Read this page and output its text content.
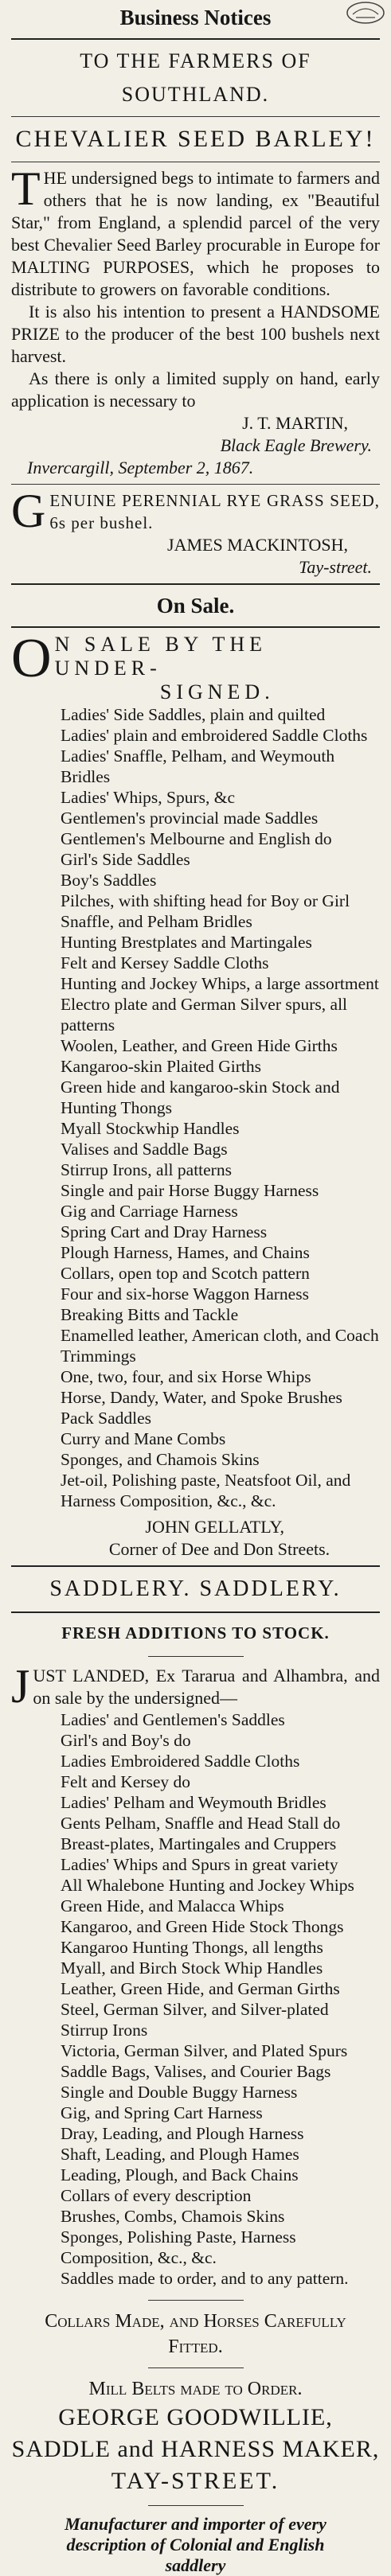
Business Notices
TO THE FARMERS OF SOUTHLAND.
CHEVALIER SEED BARLEY!

THE undersigned begs to intimate to farmers and others that he is now landing, ex "Beautiful Star," from England, a splendid parcel of the very best Chevalier Seed Barley procurable in Europe for MALTING PURPOSES, which he proposes to distribute to growers on favorable conditions.

It is also his intention to present a HANDSOME PRIZE to the producer of the best 100 bushels next harvest.

As there is only a limited supply on hand, early application is necessary to

J. T. MARTIN,
Black Eagle Brewery.
Invercargill, September 2, 1867.

GENUINE PERENNIAL RYE GRASS SEED, 6s per bushel.

JAMES MACKINTOSH,
Tay-street.
On Sale.
O N SALE BY THE UNDER-
SIGNED.
Ladies' Side Saddles, plain and quilted
Ladies' plain and embroidered Saddle Cloths
Ladies' Snaffle, Pelham, and Weymouth Bridles
Ladies' Whips, Spurs, &c
Gentlemen's provincial made Saddles
Gentlemen's Melbourne and English do
Girl's Side Saddles
Boy's Saddles
Pilches, with shifting head for Boy or Girl
Snaffle, and Pelham Bridles
Hunting Brestplates and Martingales
Felt and Kersey Saddle Cloths
Hunting and Jockey Whips, a large assortment
Electro plate and German Silver spurs, all patterns
Woolen, Leather, and Green Hide Girths
Kangaroo-skin Plaited Girths
Green hide and kangaroo-skin Stock and Hunting Thongs
Myall Stockwhip Handles
Valises and Saddle Bags
Stirrup Irons, all patterns
Single and pair Horse Buggy Harness
Gig and Carriage Harness
Spring Cart and Dray Harness
Plough Harness, Hames, and Chains
Collars, open top and Scotch pattern
Four and six-horse Waggon Harness
Breaking Bitts and Tackle
Enamelled leather, American cloth, and Coach Trimmings
One, two, four, and six Horse Whips
Horse, Dandy, Water, and Spoke Brushes
Pack Saddles
Curry and Mane Combs
Sponges, and Chamois Skins
Jet-oil, Polishing paste, Neatsfoot Oil, and Harness Composition, &c., &c.
JOHN GELLATLY,
Corner of Dee and Don Streets.
SADDLERY. SADDLERY.
FRESH ADDITIONS TO STOCK.

JUST LANDED, Ex Tararua and Alhambra, and on sale by the undersigned—

Ladies' and Gentlemen's Saddles
Girl's and Boy's do
Ladies Embroidered Saddle Cloths
Felt and Kersey do
Ladies' Pelham and Weymouth Bridles
Gents Pelham, Snaffle and Head Stall do
Breast-plates, Martingales and Cruppers
Ladies' Whips and Spurs in great variety
All Whalebone Hunting and Jockey Whips
Green Hide, and Malacca Whips
Kangaroo, and Green Hide Stock Thongs
Kangaroo Hunting Thongs, all lengths
Myall, and Birch Stock Whip Handles
Leather, Green Hide, and German Girths
Steel, German Silver, and Silver-plated Stirrup Irons
Victoria, German Silver, and Plated Spurs
Saddle Bags, Valises, and Courier Bags
Single and Double Buggy Harness
Gig, and Spring Cart Harness
Dray, Leading, and Plough Harness
Shaft, Leading, and Plough Hames
Leading, Plough, and Back Chains
Collars of every description
Brushes, Combs, Chamois Skins
Sponges, Polishing Paste, Harness Composition, &c., &c.
Saddles made to order, and to any pattern.
Collars Made, and Horses Carefully
Fitted.
Mill Belts made to Order.
GEORGE GOODWILLIE,
SADDLE and HARNESS MAKER,
TAY-STREET.
Manufacturer and importer of every description of Colonial and English saddlery
